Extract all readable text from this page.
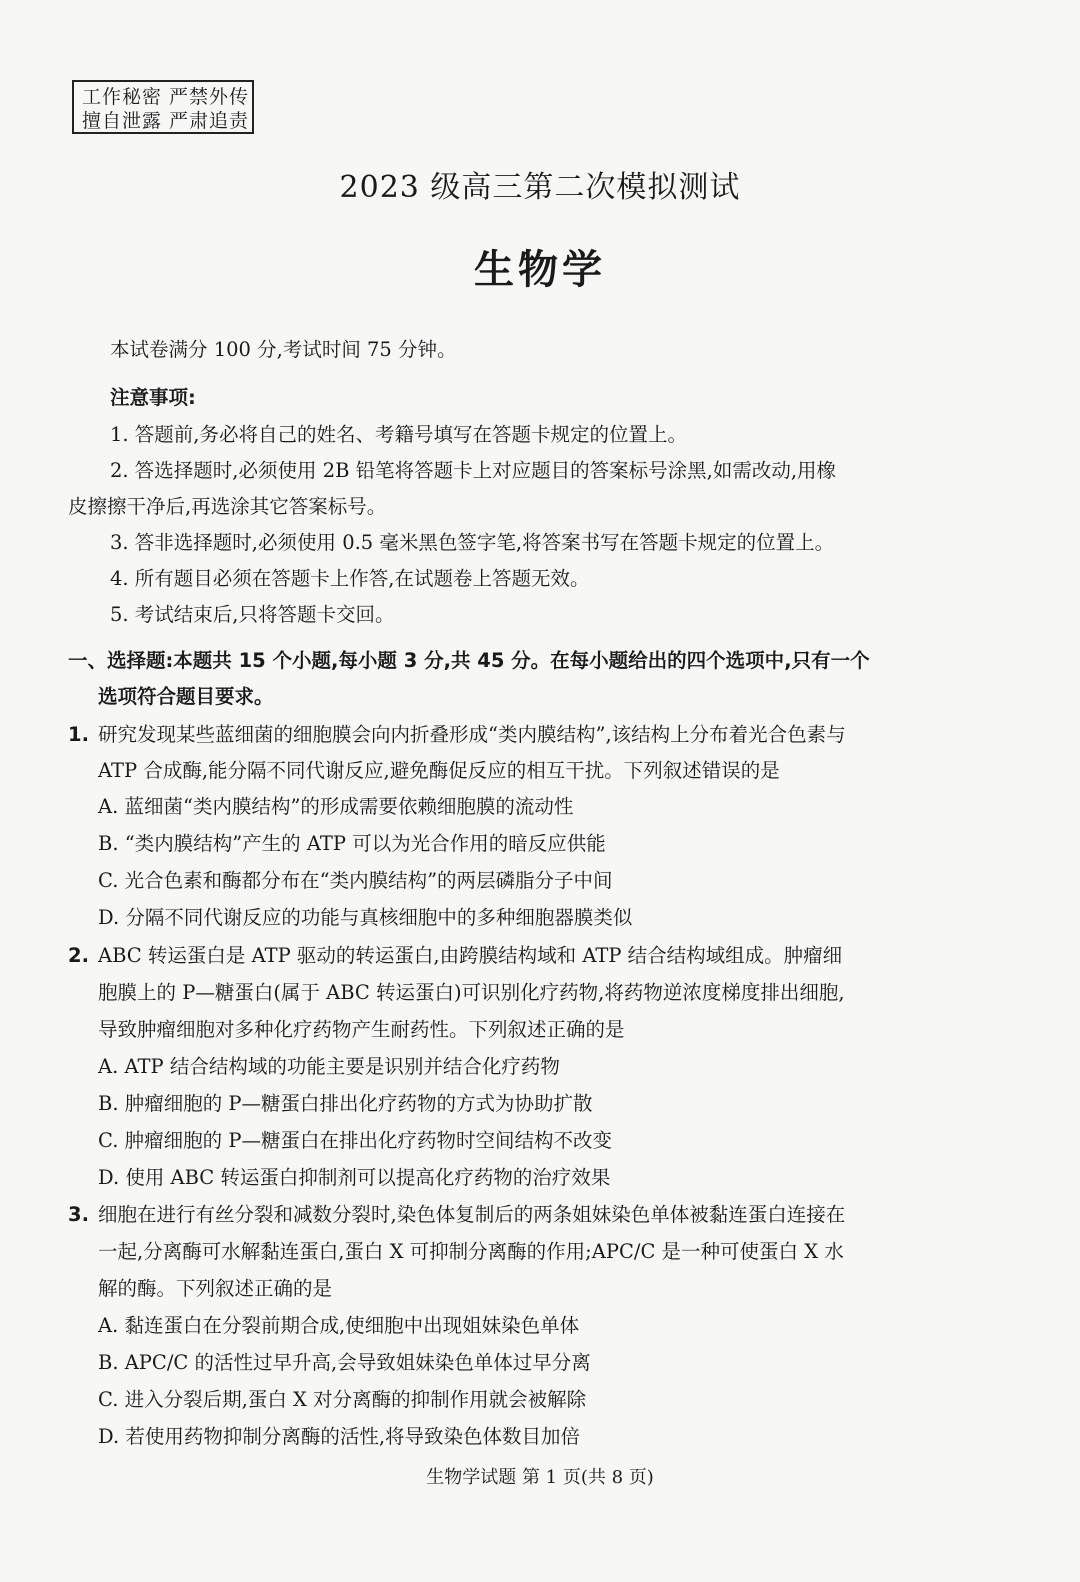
工作秘密 严禁外传
擅自泄露 严肃追责
2023 级高三第二次模拟测试
生物学
本试卷满分 100 分,考试时间 75 分钟。
注意事项:
1. 答题前,务必将自己的姓名、考籍号填写在答题卡规定的位置上。
2. 答选择题时,必须使用 2B 铅笔将答题卡上对应题目的答案标号涂黑,如需改动,用橡
皮擦擦干净后,再选涂其它答案标号。
3. 答非选择题时,必须使用 0.5 毫米黑色签字笔,将答案书写在答题卡规定的位置上。
4. 所有题目必须在答题卡上作答,在试题卷上答题无效。
5. 考试结束后,只将答题卡交回。
一、选择题:本题共 15 个小题,每小题 3 分,共 45 分。在每小题给出的四个选项中,只有一个
选项符合题目要求。
1. 研究发现某些蓝细菌的细胞膜会向内折叠形成“类内膜结构”,该结构上分布着光合色素与
ATP 合成酶,能分隔不同代谢反应,避免酶促反应的相互干扰。下列叙述错误的是
A. 蓝细菌“类内膜结构”的形成需要依赖细胞膜的流动性
B. “类内膜结构”产生的 ATP 可以为光合作用的暗反应供能
C. 光合色素和酶都分布在“类内膜结构”的两层磷脂分子中间
D. 分隔不同代谢反应的功能与真核细胞中的多种细胞器膜类似
2. ABC 转运蛋白是 ATP 驱动的转运蛋白,由跨膜结构域和 ATP 结合结构域组成。肿瘤细
胞膜上的 P—糖蛋白(属于 ABC 转运蛋白)可识别化疗药物,将药物逆浓度梯度排出细胞,
导致肿瘤细胞对多种化疗药物产生耐药性。下列叙述正确的是
A. ATP 结合结构域的功能主要是识别并结合化疗药物
B. 肿瘤细胞的 P—糖蛋白排出化疗药物的方式为协助扩散
C. 肿瘤细胞的 P—糖蛋白在排出化疗药物时空间结构不改变
D. 使用 ABC 转运蛋白抑制剂可以提高化疗药物的治疗效果
3. 细胞在进行有丝分裂和减数分裂时,染色体复制后的两条姐妹染色单体被黏连蛋白连接在
一起,分离酶可水解黏连蛋白,蛋白 X 可抑制分离酶的作用;APC/C 是一种可使蛋白 X 水
解的酶。下列叙述正确的是
A. 黏连蛋白在分裂前期合成,使细胞中出现姐妹染色单体
B. APC/C 的活性过早升高,会导致姐妹染色单体过早分离
C. 进入分裂后期,蛋白 X 对分离酶的抑制作用就会被解除
D. 若使用药物抑制分离酶的活性,将导致染色体数目加倍
生物学试题 第 1 页(共 8 页)
